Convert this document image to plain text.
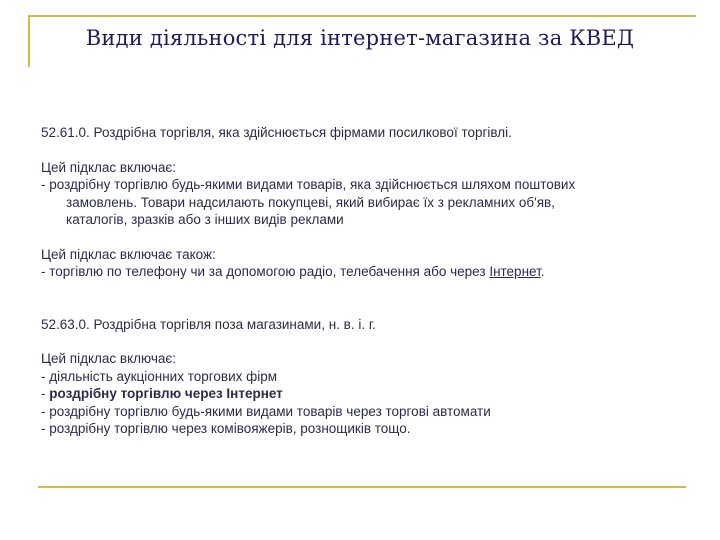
Види діяльності для інтернет-магазина за КВЕД

52.61.0. Роздрібна торгівля, яка здійснюється фірмами посилкової торгівлі.

Цей підклас включає:

- роздрібну торгівлю будь-якими видами товарів, яка здійснюється шляхом поштових

замовлень. Товари надсилають покупцеві, який вибирає їх з рекламних об'яв,

каталогів, зразків або з інших видів реклами

Цей підклас включає також:

- торгівлю по телефону чи за допомогою радіо, телебачення або через Інтернет.

52.63.0. Роздрібна торгівля поза магазинами, н. в. і. г.

Цей підклас включає:

- діяльність аукціонних торгових фірм

- роздрібну торгівлю через Інтернет

- роздрібну торгівлю будь-якими видами товарів через торгові автомати

- роздрібну торгівлю через комівояжерів, рознощиків тощо.
